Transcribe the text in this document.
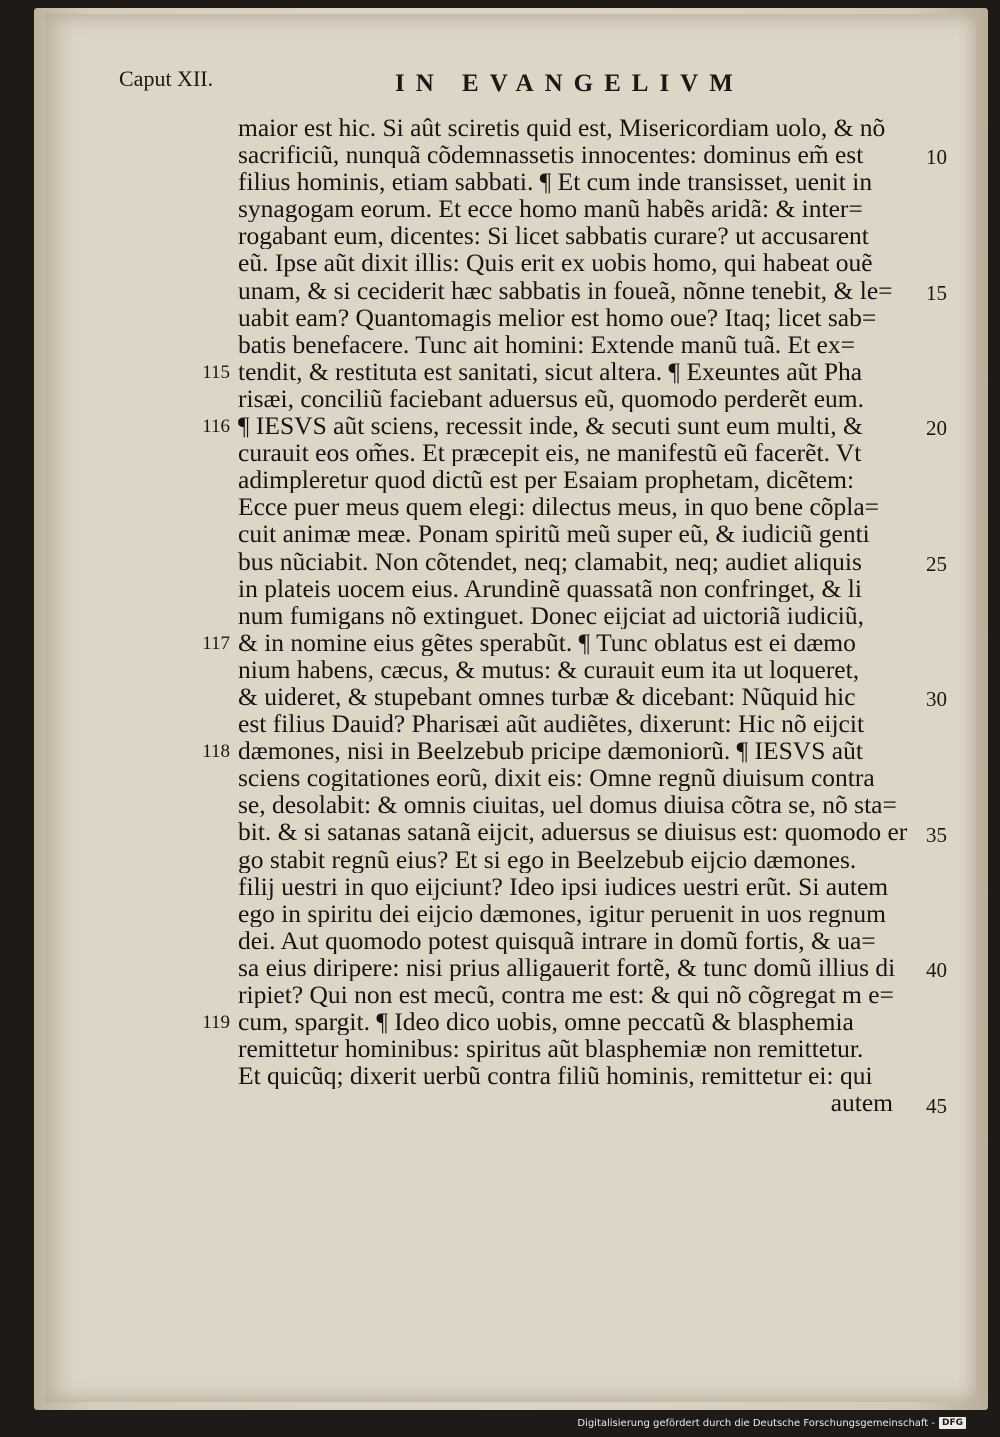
Caput XII.	IN EVANGELIVM
maior est hic. Si aût sciretis quid est, Misericordiam uolo, & nõ
sacrificiũ, nunquã cõdemnassetis innocentes: dominus em̃ est
filius hominis, etiam sabbati. ¶ Et cum inde transisset, uenit in
synagogam eorum. Et ecce homo manũ habẽs aridã: & inter=
rogabant eum, dicentes: Si licet sabbatis curare? ut accusarent
eũ. Ipse aũt dixit illis: Quis erit ex uobis homo, qui habeat ouẽ
unam, & si ceciderit hæc sabbatis in foueã, nõnne tenebit, & le=
uabit eam? Quantomagis melior est homo oue? Itaq; licet sab=
batis benefacere. Tunc ait homini: Extende manũ tuã. Et ex=
tendit, & restituta est sanitati, sicut altera. ¶ Exeuntes aũt Pha
risæi, conciliũ faciebant aduersus eũ, quomodo perderẽt eum.
¶ IESVS aũt sciens, recessit inde, & secuti sunt eum multi, &
curauit eos om̃es. Et præcepit eis, ne manifestũ eũ facerẽt. Vt
adimpleretur quod dictũ est per Esaiam prophetam, dicẽtem:
Ecce puer meus quem elegi: dilectus meus, in quo bene cõpla=
cuit animæ meæ. Ponam spiritũ meũ super eũ, & iudiciũ genti
bus nũciabit. Non cõtendet, neq; clamabit, neq; audiet aliquis
in plateis uocem eius. Arundinẽ quassatã non confringet, & li
num fumigans nõ extinguet. Donec eijciat ad uictoriã iudiciũ,
& in nomine eius gẽtes sperabũt. ¶ Tunc oblatus est ei dæmo
nium habens, cæcus, & mutus: & curauit eum ita ut loqueret,
& uideret, & stupebant omnes turbæ & dicebant: Nũquid hic
est filius Dauid? Pharisæi aũt audiẽtes, dixerunt: Hic nõ eijcit
dæmones, nisi in Beelzebub pricipe dæmoniorũ. ¶ IESVS aũt
sciens cogitationes eorũ, dixit eis: Omne regnũ diuisum contra
se, desolabit: & omnis ciuitas, uel domus diuisa cõtra se, nõ sta=
bit. & si satanas satanã eijcit, aduersus se diuisus est: quomodo er
go stabit regnũ eius? Et si ego in Beelzebub eijcio dæmones.
filij uestri in quo eijciunt? Ideo ipsi iudices uestri erũt. Si autem
ego in spiritu dei eijcio dæmones, igitur peruenit in uos regnum
dei. Aut quomodo potest quisquã intrare in domũ fortis, & ua=
sa eius diripere: nisi prius alligauerit fortẽ, & tunc domũ illius di
ripiet? Qui non est mecũ, contra me est: & qui nõ cõgregat m e=
cum, spargit. ¶ Ideo dico uobis, omne peccatũ & blasphemia
remittetur hominibus: spiritus aũt blasphemiæ non remittetur.
Et quicũq; dixerit uerbũ contra filiũ hominis, remittetur ei: qui
autem
115
116
117
118
119
10
15
20
25
30
35
40
45
Digitalisierung gefördert durch die Deutsche Forschungsgemeinschaft - DFG
